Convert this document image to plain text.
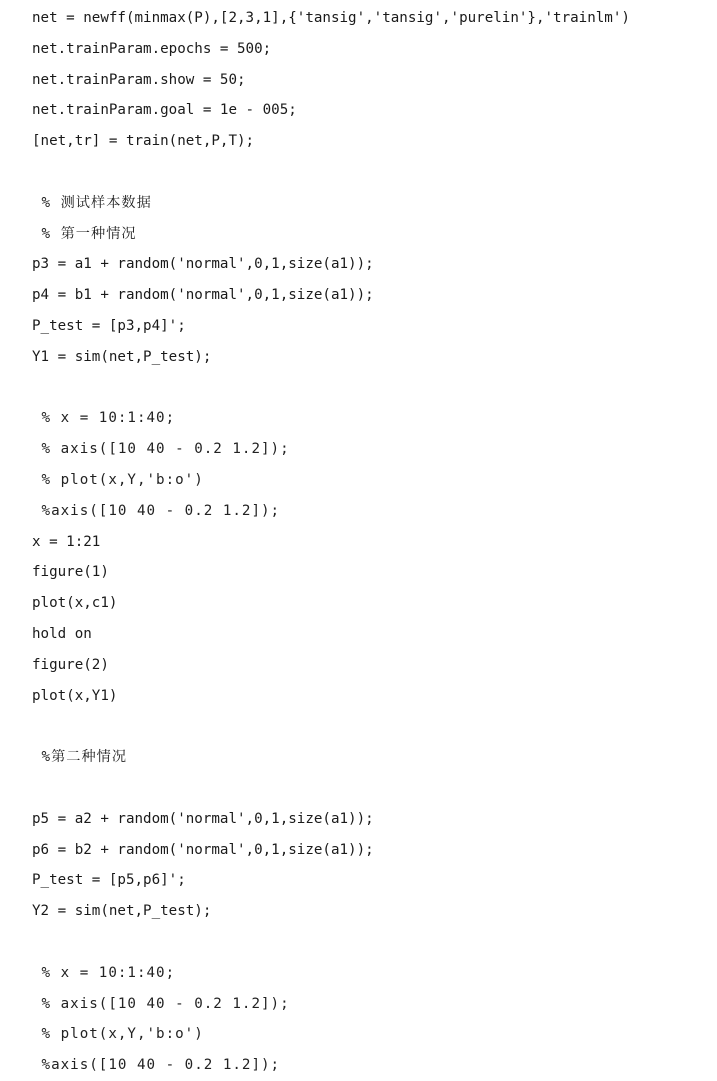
net = newff(minmax(P),[2,3,1],{'tansig','tansig','purelin'},'trainlm')
net.trainParam.epochs = 500;
net.trainParam.show = 50;
net.trainParam.goal = 1e - 005;
[net,tr] = train(net,P,T);
% 测试样本数据
% 第一种情况
p3 = a1 + random('normal',0,1,size(a1));
p4 = b1 + random('normal',0,1,size(a1));
P_test = [p3,p4]';
Y1 = sim(net,P_test);
% x = 10:1:40;
% axis([10 40 - 0.2 1.2]);
% plot(x,Y,'b:o')
%axis([10 40 - 0.2 1.2]);
x = 1:21
figure(1)
plot(x,c1)
hold on
figure(2)
plot(x,Y1)
%第二种情况
p5 = a2 + random('normal',0,1,size(a1));
p6 = b2 + random('normal',0,1,size(a1));
P_test = [p5,p6]';
Y2 = sim(net,P_test);
% x = 10:1:40;
% axis([10 40 - 0.2 1.2]);
% plot(x,Y,'b:o')
%axis([10 40 - 0.2 1.2]);
